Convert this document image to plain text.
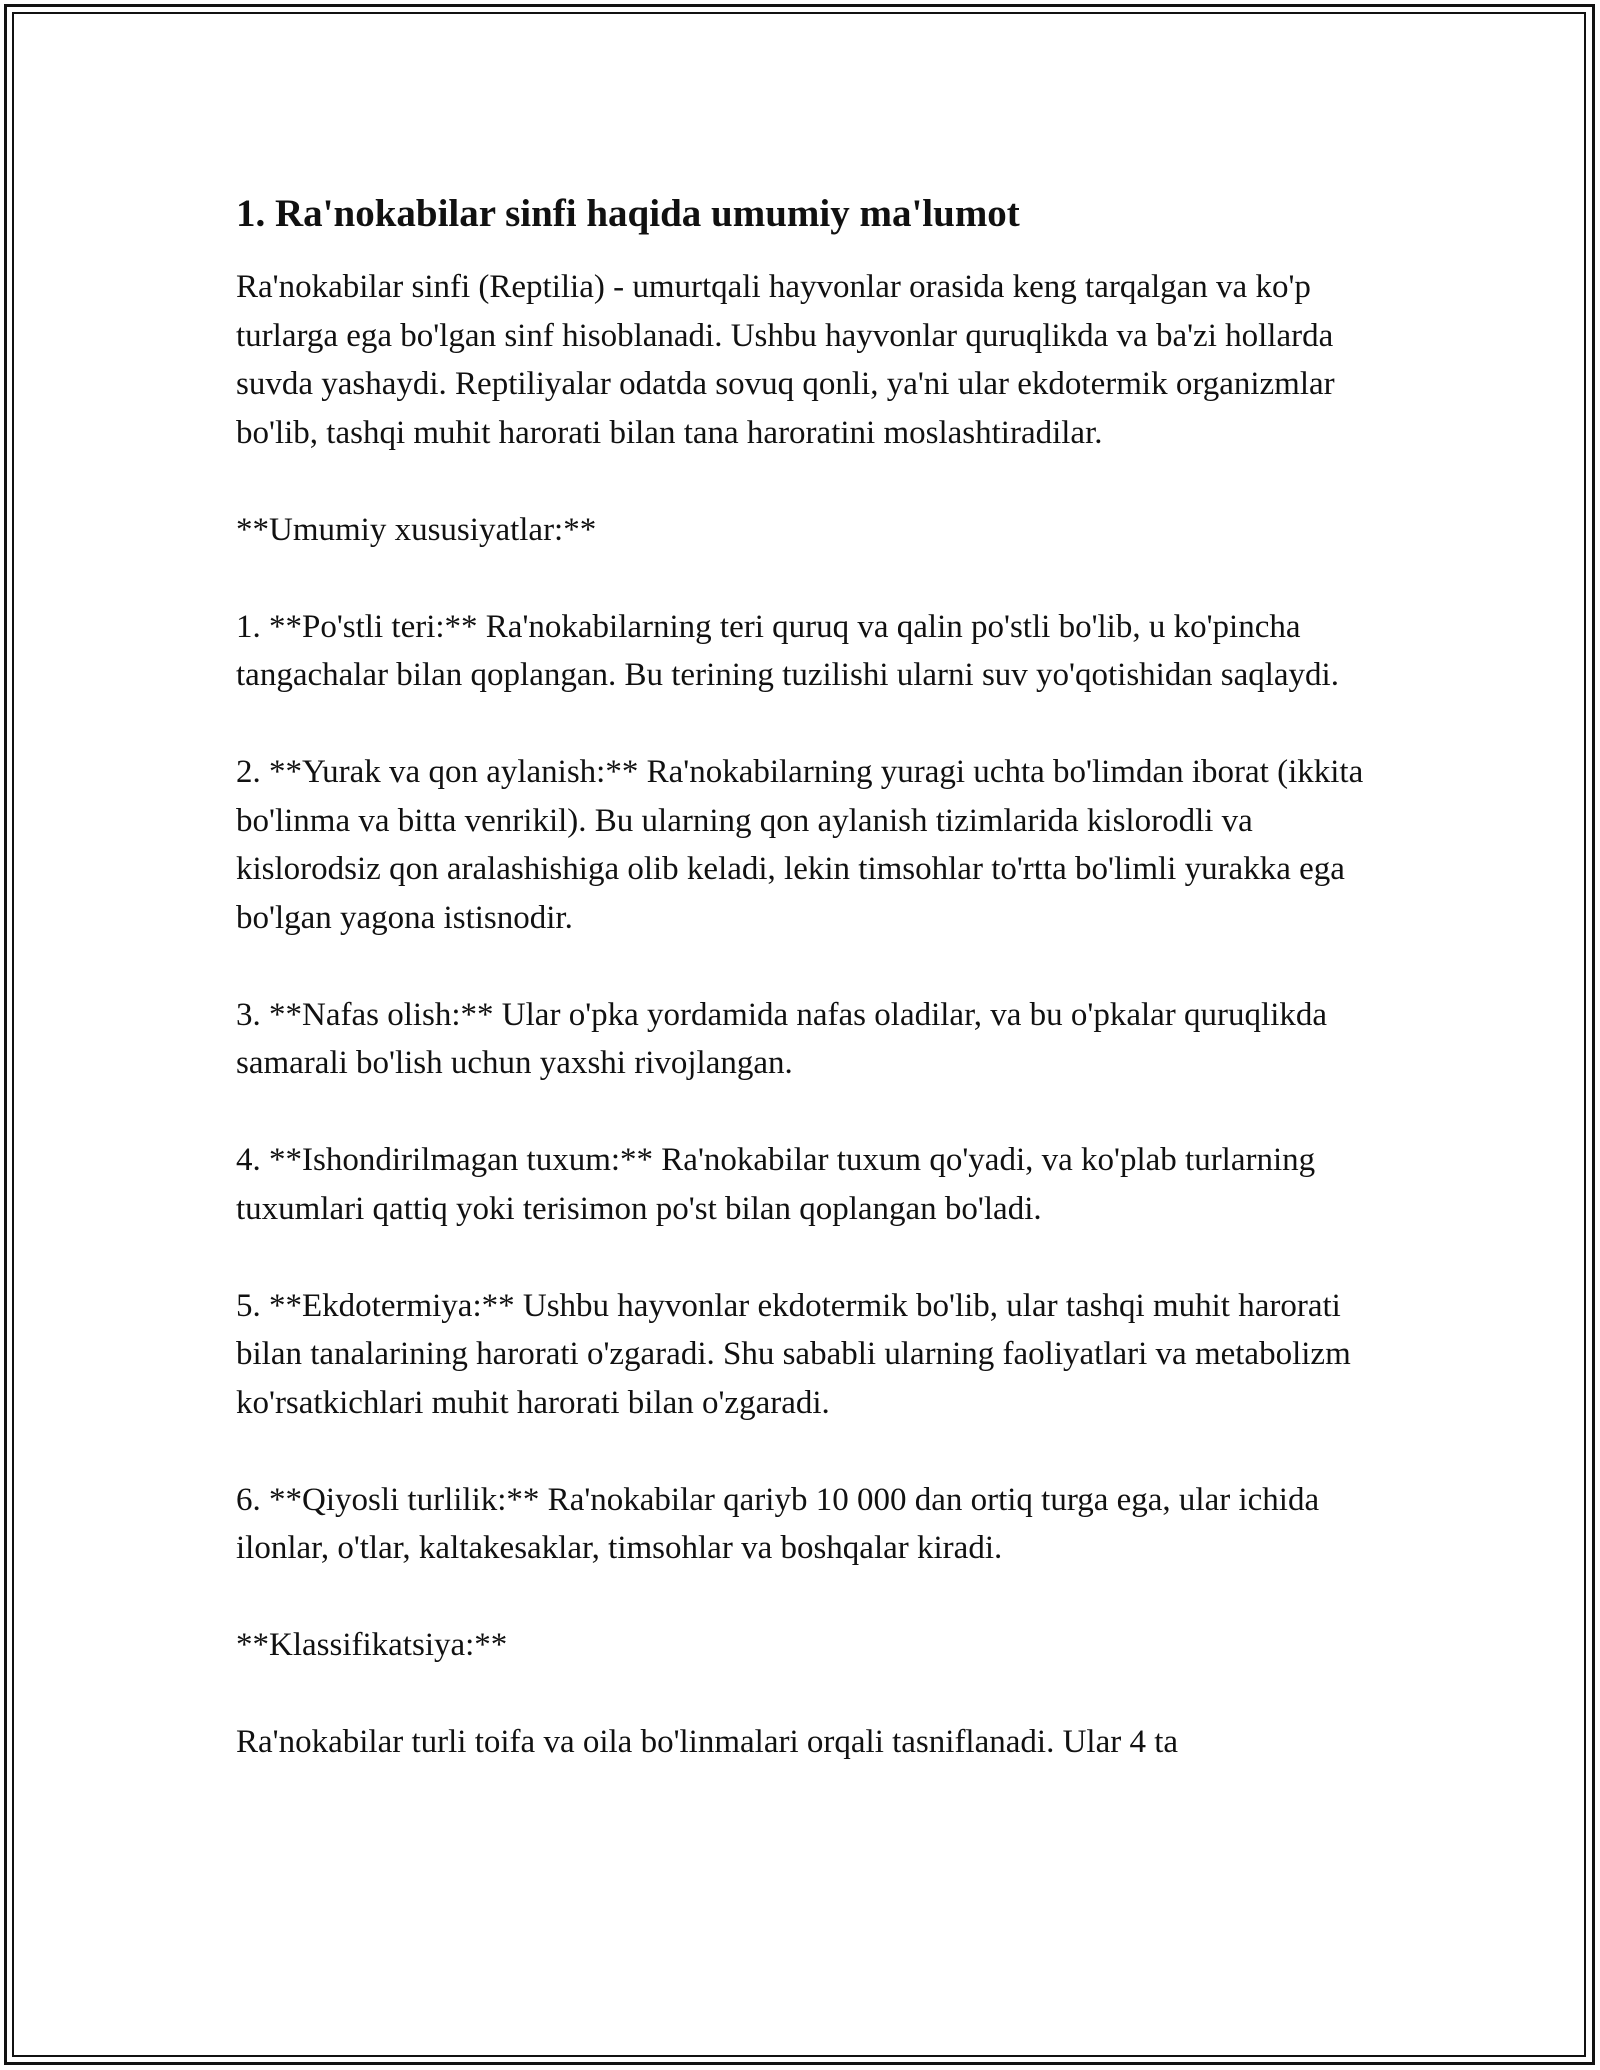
1. Ra'nokabilar sinfi haqida umumiy ma'lumot

Ra'nokabilar sinfi (Reptilia) - umurtqali hayvonlar orasida keng tarqalgan va ko'p turlarga ega bo'lgan sinf hisoblanadi. Ushbu hayvonlar quruqlikda va ba'zi hollarda suvda yashaydi. Reptiliyalar odatda sovuq qonli, ya'ni ular ekdotermik organizmlar bo'lib, tashqi muhit harorati bilan tana haroratini moslashtiradilar.

**Umumiy xususiyatlar:**

1. **Po'stli teri:** Ra'nokabilarning teri quruq va qalin po'stli bo'lib, u ko'pincha tangachalar bilan qoplangan. Bu terining tuzilishi ularni suv yo'qotishidan saqlaydi.

2. **Yurak va qon aylanish:** Ra'nokabilarning yuragi uchta bo'limdan iborat (ikkita bo'linma va bitta venrikil). Bu ularning qon aylanish tizimlarida kislorodli va kislorodsiz qon aralashishiga olib keladi, lekin timsohlar to'rtta bo'limli yurakka ega bo'lgan yagona istisnodir.

3. **Nafas olish:** Ular o'pka yordamida nafas oladilar, va bu o'pkalar quruqlikda samarali bo'lish uchun yaxshi rivojlangan.

4. **Ishondirilmagan tuxum:** Ra'nokabilar tuxum qo'yadi, va ko'plab turlarning tuxumlari qattiq yoki terisimon po'st bilan qoplangan bo'ladi.

5. **Ekdotermiya:** Ushbu hayvonlar ekdotermik bo'lib, ular tashqi muhit harorati bilan tanalarining harorati o'zgaradi. Shu sababli ularning faoliyatlari va metabolizm ko'rsatkichlari muhit harorati bilan o'zgaradi.

6. **Qiyosli turlilik:** Ra'nokabilar qariyb 10 000 dan ortiq turga ega, ular ichida ilonlar, o'tlar, kaltakesaklar, timsohlar va boshqalar kiradi.

**Klassifikatsiya:**

Ra'nokabilar turli toifa va oila bo'linmalari orqali tasniflanadi. Ular 4 ta
